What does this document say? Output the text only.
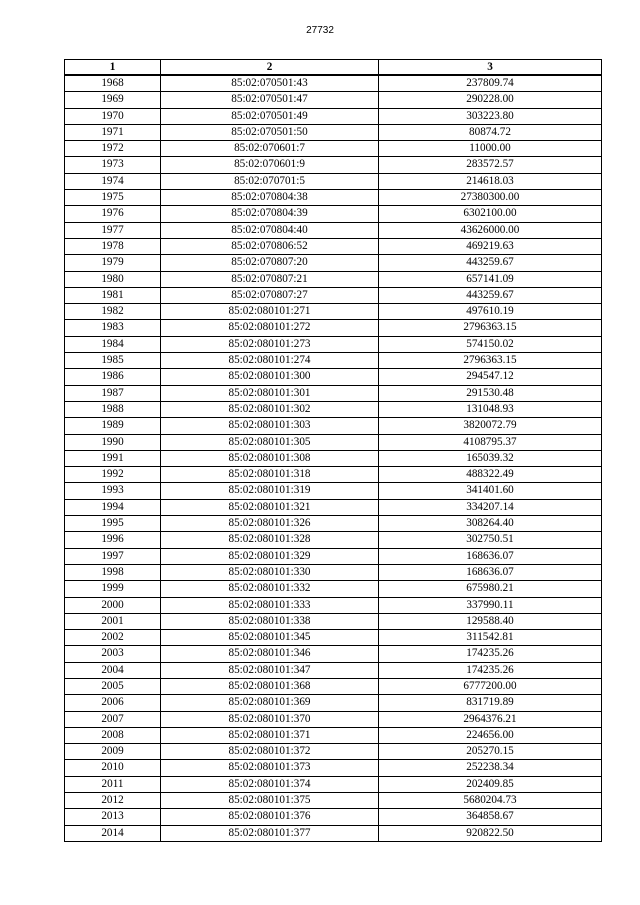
27732
1	2	3
1968	85:02:070501:43	237809.74
1969	85:02:070501:47	290228.00
1970	85:02:070501:49	303223.80
1971	85:02:070501:50	80874.72
1972	85:02:070601:7	11000.00
1973	85:02:070601:9	283572.57
1974	85:02:070701:5	214618.03
1975	85:02:070804:38	27380300.00
1976	85:02:070804:39	6302100.00
1977	85:02:070804:40	43626000.00
1978	85:02:070806:52	469219.63
1979	85:02:070807:20	443259.67
1980	85:02:070807:21	657141.09
1981	85:02:070807:27	443259.67
1982	85:02:080101:271	497610.19
1983	85:02:080101:272	2796363.15
1984	85:02:080101:273	574150.02
1985	85:02:080101:274	2796363.15
1986	85:02:080101:300	294547.12
1987	85:02:080101:301	291530.48
1988	85:02:080101:302	131048.93
1989	85:02:080101:303	3820072.79
1990	85:02:080101:305	4108795.37
1991	85:02:080101:308	165039.32
1992	85:02:080101:318	488322.49
1993	85:02:080101:319	341401.60
1994	85:02:080101:321	334207.14
1995	85:02:080101:326	308264.40
1996	85:02:080101:328	302750.51
1997	85:02:080101:329	168636.07
1998	85:02:080101:330	168636.07
1999	85:02:080101:332	675980.21
2000	85:02:080101:333	337990.11
2001	85:02:080101:338	129588.40
2002	85:02:080101:345	311542.81
2003	85:02:080101:346	174235.26
2004	85:02:080101:347	174235.26
2005	85:02:080101:368	6777200.00
2006	85:02:080101:369	831719.89
2007	85:02:080101:370	2964376.21
2008	85:02:080101:371	224656.00
2009	85:02:080101:372	205270.15
2010	85:02:080101:373	252238.34
2011	85:02:080101:374	202409.85
2012	85:02:080101:375	5680204.73
2013	85:02:080101:376	364858.67
2014	85:02:080101:377	920822.50
